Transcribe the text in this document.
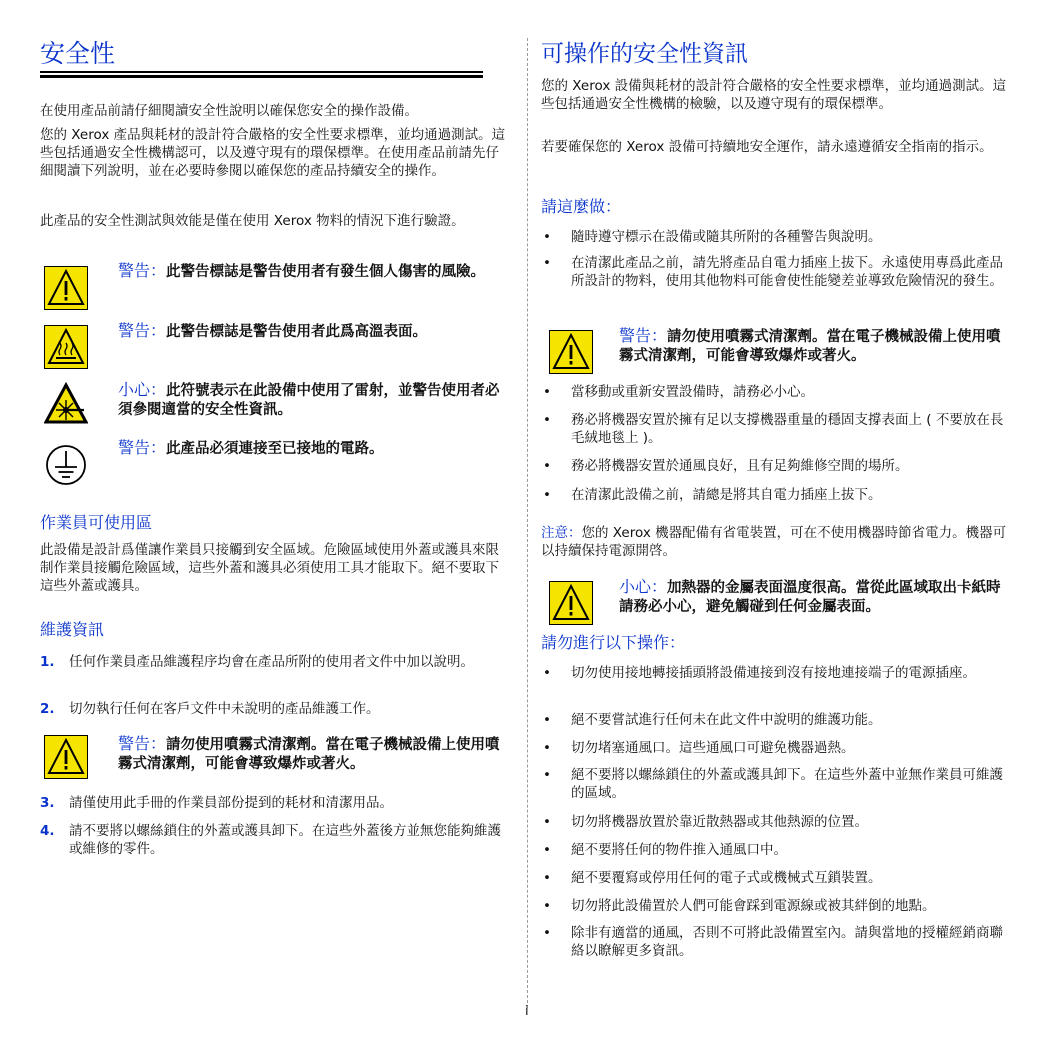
安全性

在使用產品前請仔細閱讀安全性說明以確保您安全的操作設備。

您的 Xerox 產品與耗材的設計符合嚴格的安全性要求標準，並均通過測試。這些包括通過安全性機構認可，以及遵守現有的環保標準。在使用產品前請先仔細閱讀下列說明，並在必要時參閱以確保您的產品持續安全的操作。

此產品的安全性測試與效能是僅在使用 Xerox 物料的情況下進行驗證。

警告：此警告標誌是警告使用者有發生個人傷害的風險。
警告：此警告標誌是警告使用者此爲高溫表面。
小心：此符號表示在此設備中使用了雷射，並警告使用者必須參閱適當的安全性資訊。
警告：此產品必須連接至已接地的電路。
作業員可使用區

此設備是設計爲僅讓作業員只接觸到安全區域。危險區域使用外蓋或護具來限制作業員接觸危險區域，這些外蓋和護具必須使用工具才能取下。絕不要取下這些外蓋或護具。

維護資訊
1. 任何作業員產品維護程序均會在產品所附的使用者文件中加以說明。
2. 切勿執行任何在客戶文件中未說明的產品維護工作。
警告：請勿使用噴霧式清潔劑。當在電子機械設備上使用噴霧式清潔劑，可能會導致爆炸或著火。
3. 請僅使用此手冊的作業員部份提到的耗材和清潔用品。
4. 請不要將以螺絲鎖住的外蓋或護具卸下。在這些外蓋後方並無您能夠維護或維修的零件。
可操作的安全性資訊

您的 Xerox 設備與耗材的設計符合嚴格的安全性要求標準，並均通過測試。這些包括通過安全性機構的檢驗，以及遵守現有的環保標準。

若要確保您的 Xerox 設備可持續地安全運作，請永遠遵循安全指南的指示。

請這麼做：
• 隨時遵守標示在設備或隨其所附的各種警告與說明。
• 在清潔此產品之前，請先將產品自電力插座上拔下。永遠使用專爲此產品所設計的物料，使用其他物料可能會使性能變差並導致危險情況的發生。
警告：請勿使用噴霧式清潔劑。當在電子機械設備上使用噴霧式清潔劑，可能會導致爆炸或著火。
• 當移動或重新安置設備時，請務必小心。
• 務必將機器安置於擁有足以支撐機器重量的穩固支撐表面上 ( 不要放在長毛絨地毯上 )。
• 務必將機器安置於通風良好，且有足夠維修空間的場所。
• 在清潔此設備之前，請總是將其自電力插座上拔下。

注意：您的 Xerox 機器配備有省電裝置，可在不使用機器時節省電力。機器可以持續保持電源開啓。

小心：加熱器的金屬表面溫度很高。當從此區域取出卡紙時請務必小心，避免觸碰到任何金屬表面。
請勿進行以下操作：
• 切勿使用接地轉接插頭將設備連接到沒有接地連接端子的電源插座。
• 絕不要嘗試進行任何未在此文件中說明的維護功能。
• 切勿堵塞通風口。這些通風口可避免機器過熱。
• 絕不要將以螺絲鎖住的外蓋或護具卸下。在這些外蓋中並無作業員可維護的區域。
• 切勿將機器放置於靠近散熱器或其他熱源的位置。
• 絕不要將任何的物件推入通風口中。
• 絕不要覆寫或停用任何的電子式或機械式互鎖裝置。
• 切勿將此設備置於人們可能會踩到電源線或被其絆倒的地點。
• 除非有適當的通風，否則不可將此設備置室內。請與當地的授權經銷商聯絡以瞭解更多資訊。
i
